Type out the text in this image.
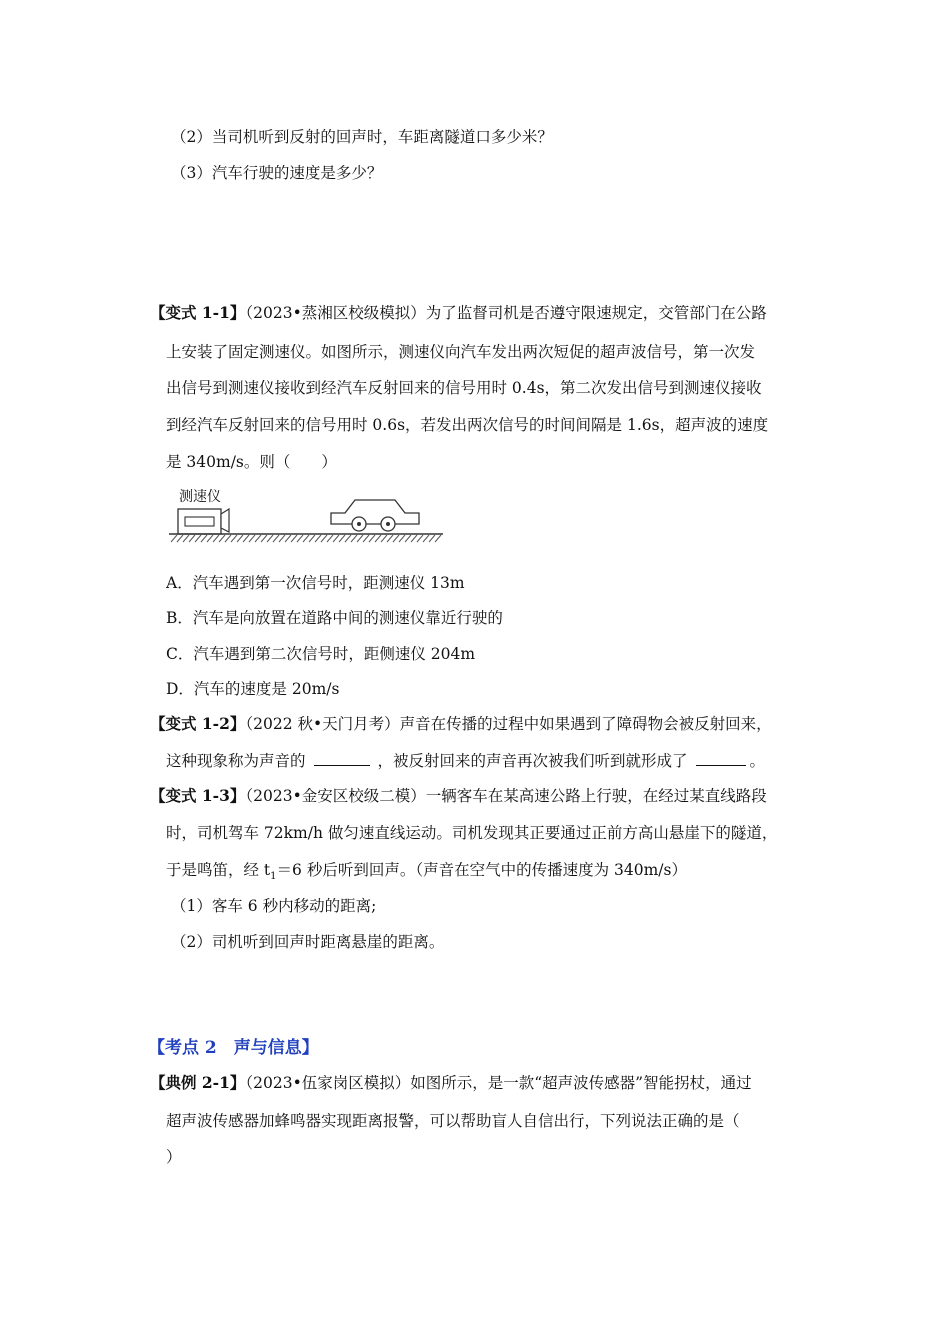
（2）当司机听到反射的回声时，车距离隧道口多少米？
（3）汽车行驶的速度是多少？
【变式 1-1】（2023•蒸湘区校级模拟）为了监督司机是否遵守限速规定，交管部门在公路
上安装了固定测速仪。如图所示，测速仪向汽车发出两次短促的超声波信号，第一次发
出信号到测速仪接收到经汽车反射回来的信号用时 0.4s，第二次发出信号到测速仪接收
到经汽车反射回来的信号用时 0.6s，若发出两次信号的时间间隔是 1.6s，超声波的速度
是 340m/s。则（　　）
测速仪
A．汽车遇到第一次信号时，距测速仪 13m
B．汽车是向放置在道路中间的测速仪靠近行驶的
C．汽车遇到第二次信号时，距侧速仪 204m
D．汽车的速度是 20m/s
【变式 1-2】（2022 秋•天门月考）声音在传播的过程中如果遇到了障碍物会被反射回来，
这种现象称为声音的	，被反射回来的声音再次被我们听到就形成了	。
【变式 1-3】（2023•金安区校级二模）一辆客车在某高速公路上行驶，在经过某直线路段
时，司机驾车 72km/h 做匀速直线运动。司机发现其正要通过正前方高山悬崖下的隧道，
于是鸣笛，经 $t_1=6$ 秒后听到回声。（声音在空气中的传播速度为 340m/s）
（1）客车 6 秒内移动的距离;
（2）司机听到回声时距离悬崖的距离。
【考点 2　声与信息】
【典例 2-1】（2023•伍家岗区模拟）如图所示，是一款“超声波传感器”智能拐杖，通过
超声波传感器加蜂鸣器实现距离报警，可以帮助盲人自信出行，下列说法正确的是（
）
